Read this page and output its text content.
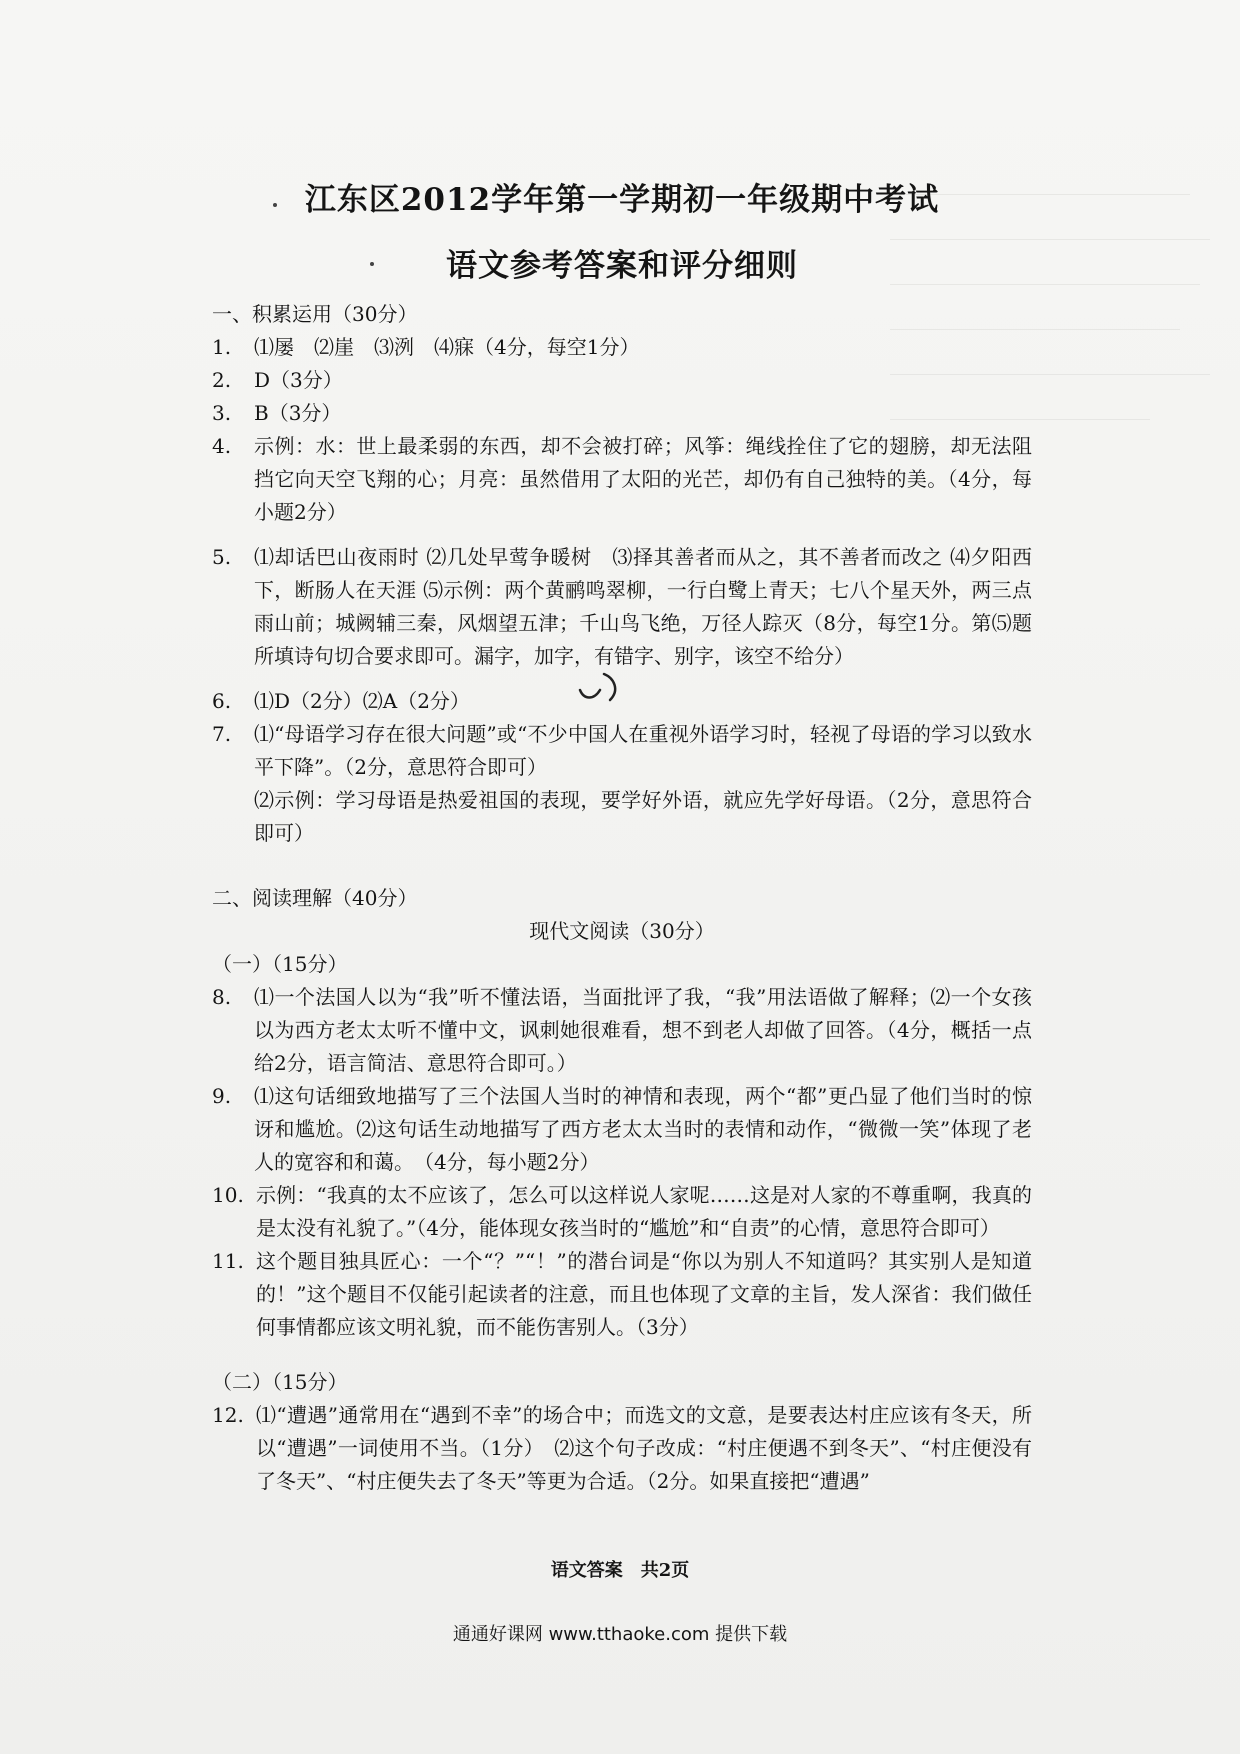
江东区2012学年第一学期初一年级期中考试
语文参考答案和评分细则
一、积累运用（30分）
1.	⑴屡　⑵崖　⑶洌　⑷寐（4分，每空1分）
2.	D（3分）
3.	B（3分）
4.	示例：水：世上最柔弱的东西，却不会被打碎；风筝：绳线拴住了它的翅膀，却无法阻挡它向天空飞翔的心；月亮：虽然借用了太阳的光芒，却仍有自己独特的美。（4分，每小题2分）
5.	⑴却话巴山夜雨时 ⑵几处早莺争暖树　⑶择其善者而从之，其不善者而改之 ⑷夕阳西下，断肠人在天涯 ⑸示例：两个黄鹂鸣翠柳，一行白鹭上青天；七八个星天外，两三点雨山前；城阙辅三秦，风烟望五津；千山鸟飞绝，万径人踪灭（8分，每空1分。第⑸题所填诗句切合要求即可。漏字，加字，有错字、别字，该空不给分）
6.	⑴D（2分）⑵A（2分）
7.	⑴“母语学习存在很大问题”或“不少中国人在重视外语学习时，轻视了母语的学习以致水平下降”。（2分，意思符合即可）
⑵示例：学习母语是热爱祖国的表现，要学好外语，就应先学好母语。（2分，意思符合即可）
二、阅读理解（40分）
现代文阅读（30分）
（一）（15分）
8.	⑴一个法国人以为“我”听不懂法语，当面批评了我，“我”用法语做了解释；⑵一个女孩以为西方老太太听不懂中文，讽刺她很难看，想不到老人却做了回答。（4分，概括一点给2分，语言简洁、意思符合即可。）
9.	⑴这句话细致地描写了三个法国人当时的神情和表现，两个“都”更凸显了他们当时的惊讶和尴尬。⑵这句话生动地描写了西方老太太当时的表情和动作，“微微一笑”体现了老人的宽容和和蔼。　（4分，每小题2分）
10. 示例：“我真的太不应该了，怎么可以这样说人家呢……这是对人家的不尊重啊，我真的是太没有礼貌了。”（4分，能体现女孩当时的“尴尬”和“自责”的心情，意思符合即可）
11. 这个题目独具匠心：一个“？”“！”的潜台词是“你以为别人不知道吗？其实别人是知道的！”这个题目不仅能引起读者的注意，而且也体现了文章的主旨，发人深省：我们做任何事情都应该文明礼貌，而不能伤害别人。（3分）
（二）（15分）
12. ⑴“遭遇”通常用在“遇到不幸”的场合中；而选文的文意，是要表达村庄应该有冬天，所以“遭遇”一词使用不当。（1分）　⑵这个句子改成：“村庄便遇不到冬天”、“村庄便没有了冬天”、“村庄便失去了冬天”等更为合适。（2分。如果直接把“遭遇”
语文答案　共2页
通通好课网 www.tthaoke.com 提供下载
